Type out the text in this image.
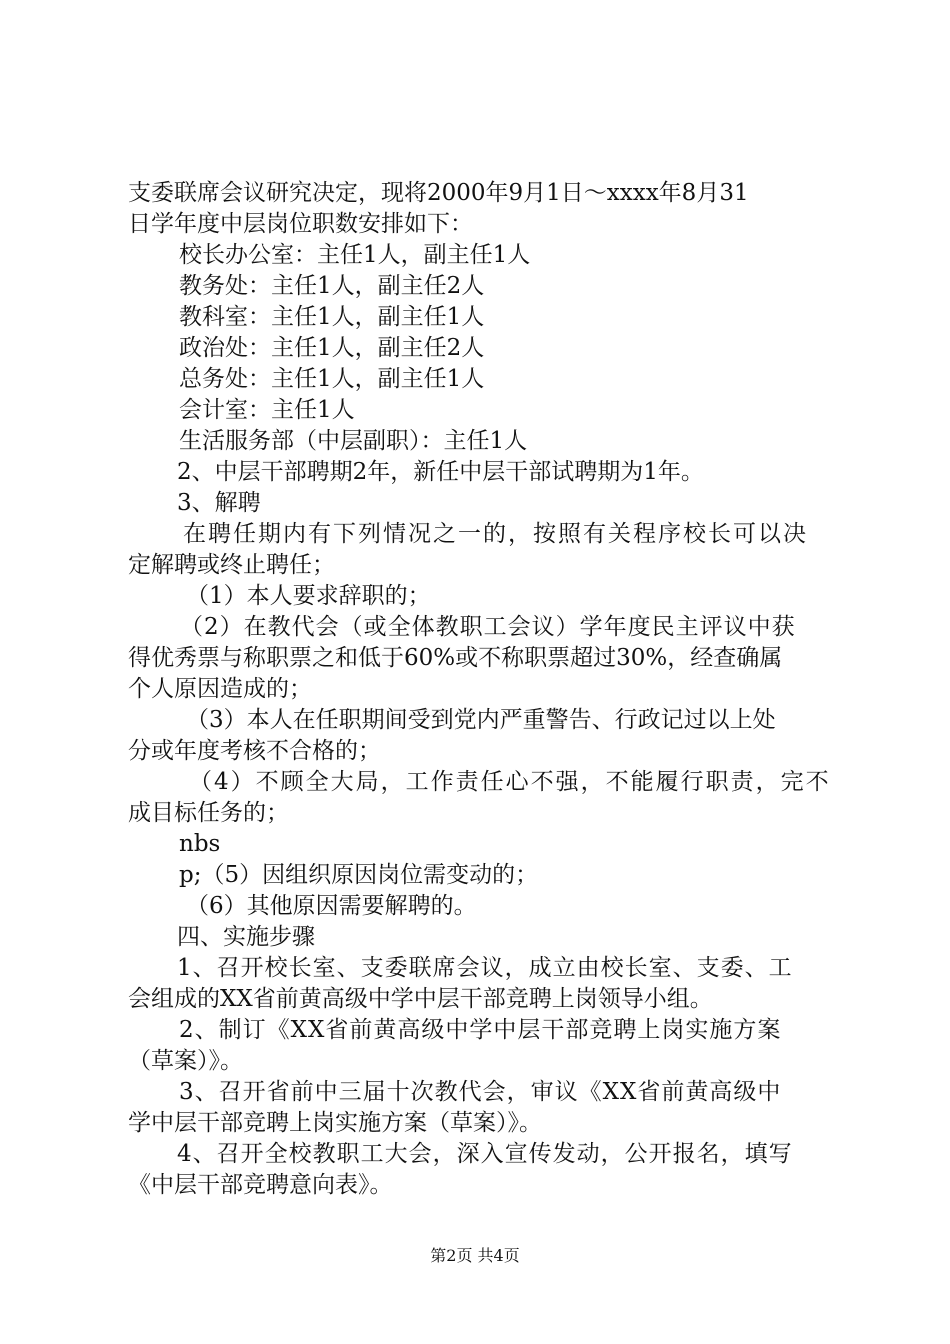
支委联席会议研究决定，现将2000年9月1日～xxxx年8月31
日学年度中层岗位职数安排如下：
校长办公室：主任1人，副主任1人
教务处：主任1人，副主任2人
教科室：主任1人，副主任1人
政治处：主任1人，副主任2人
总务处：主任1人，副主任1人
会计室：主任1人
生活服务部（中层副职）：主任1人
2、中层干部聘期2年，新任中层干部试聘期为1年。
3、解聘
在聘任期内有下列情况之一的，按照有关程序校长可以决
定解聘或终止聘任；
（1）本人要求辞职的；
（2）在教代会（或全体教职工会议）学年度民主评议中获
得优秀票与称职票之和低于60%或不称职票超过30%，经查确属
个人原因造成的；
（3）本人在任职期间受到党内严重警告、行政记过以上处
分或年度考核不合格的；
（4）不顾全大局，工作责任心不强，不能履行职责，完不
成目标任务的；
nbs
p;（5）因组织原因岗位需变动的；
（6）其他原因需要解聘的。
四、实施步骤
1、召开校长室、支委联席会议，成立由校长室、支委、工
会组成的XX省前黄高级中学中层干部竞聘上岗领导小组。
2、制订《XX省前黄高级中学中层干部竞聘上岗实施方案
（草案）》。
3、召开省前中三届十次教代会，审议《XX省前黄高级中
学中层干部竞聘上岗实施方案（草案）》。
4、召开全校教职工大会，深入宣传发动，公开报名，填写
《中层干部竞聘意向表》。
第2页 共4页
